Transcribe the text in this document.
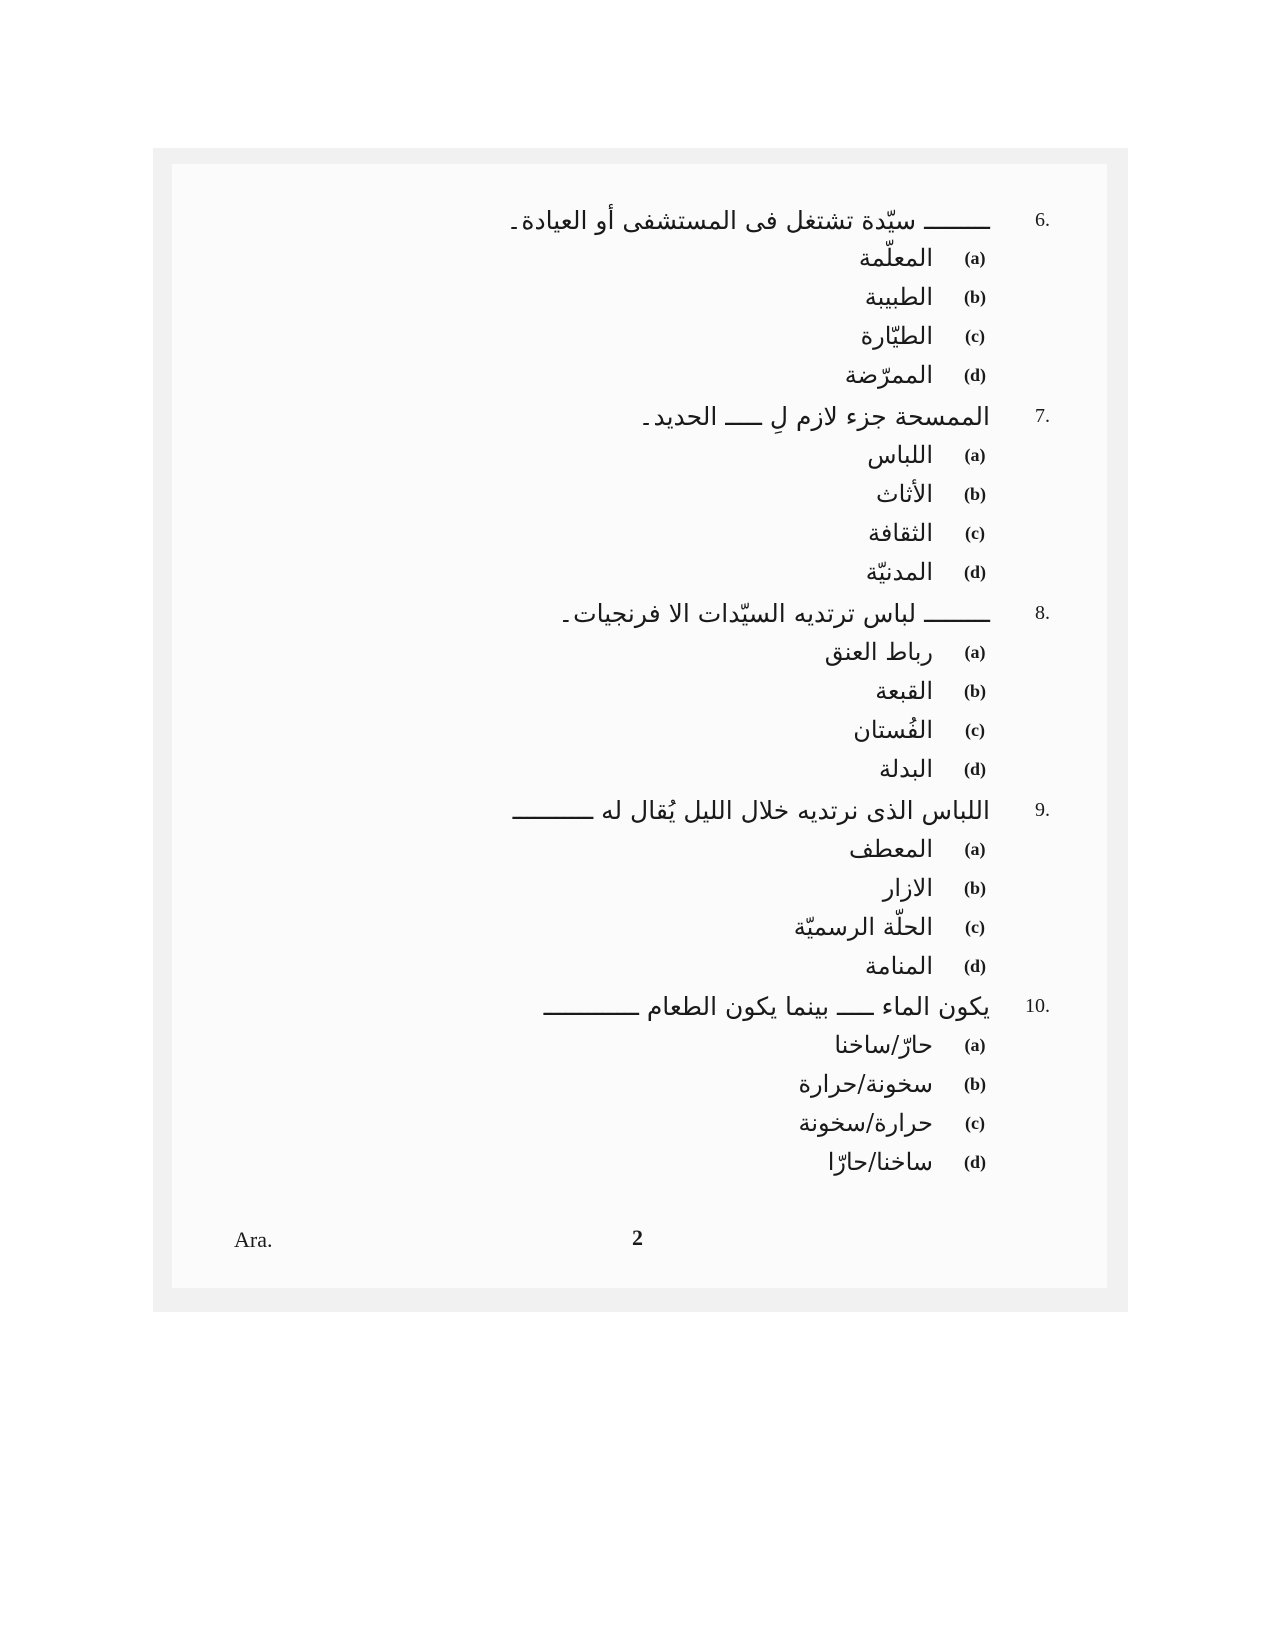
6.
ـــــــــ سيّدة تشتغل فى المستشفى أو العيادة۔
(a)
المعلّمة
(b)
الطبيبة
(c)
الطيّارة
(d)
الممرّضة
7.
الممسحة جزء لازم لِ ـــــ الحديد۔
(a)
اللباس
(b)
الأثاث
(c)
الثقافة
(d)
المدنيّة
8.
ـــــــــ لباس ترتديه السيّدات الا فرنجيات۔
(a)
رباط العنق
(b)
القبعة
(c)
الفُستان
(d)
البدلة
9.
اللباس الذى نرتديه خلال الليل يُقال له ـــــــــــ
(a)
المعطف
(b)
الازار
(c)
الحلّة الرسميّة
(d)
المنامة
10.
يكون الماء ـــــ بينما يكون الطعام ـــــــــــــ
(a)
حارّ/ساخنا
(b)
سخونة/حرارة
(c)
حرارة/سخونة
(d)
ساخنا/حارّا
Ara.	2
